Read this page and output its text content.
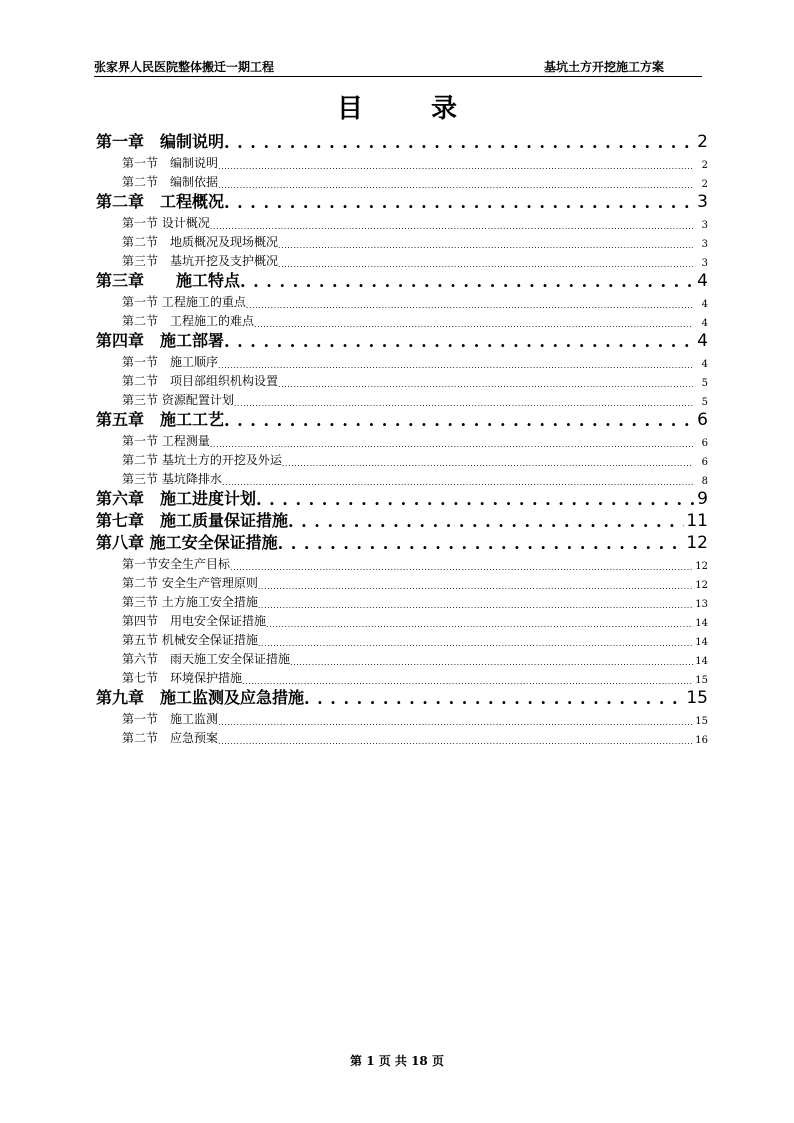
张家界人民医院整体搬迁一期工程	基坑土方开挖施工方案
目录
第一章　编制说明 . . .	2
第一节　编制说明 . . .	2
第二节　编制依据 . . .	2
第二章　工程概况 . . .	3
第一节 设计概况 . . .	3
第二节　地质概况及现场概况 . . .	3
第三节　基坑开挖及支护概况 . . .	3
第三章　　施工特点 . . .	4
第一节 工程施工的重点 . . .	4
第二节　工程施工的难点 . . .	4
第四章　施工部署 . . .	4
第一节　施工顺序 . . .	4
第二节　项目部组织机构设置 . . .	5
第三节 资源配置计划 . . .	5
第五章　施工工艺 . . .	6
第一节 工程测量 . . .	6
第二节 基坑土方的开挖及外运 . . .	6
第三节 基坑降排水 . . .	8
第六章　施工进度计划 . . .	9
第七章　施工质量保证措施 . . .	11
第八章 施工安全保证措施 . . .	12
第一节安全生产目标 . . .	12
第二节 安全生产管理原则 . . .	12
第三节 土方施工安全措施 . . .	13
第四节　用电安全保证措施 . . .	14
第五节 机械安全保证措施 . . .	14
第六节　雨天施工安全保证措施 . . .	14
第七节　环境保护措施 . . .	15
第九章　施工监测及应急措施 . . .	15
第一节　施工监测 . . .	15
第二节　应急预案 . . .	16
第 1 页 共 18 页
